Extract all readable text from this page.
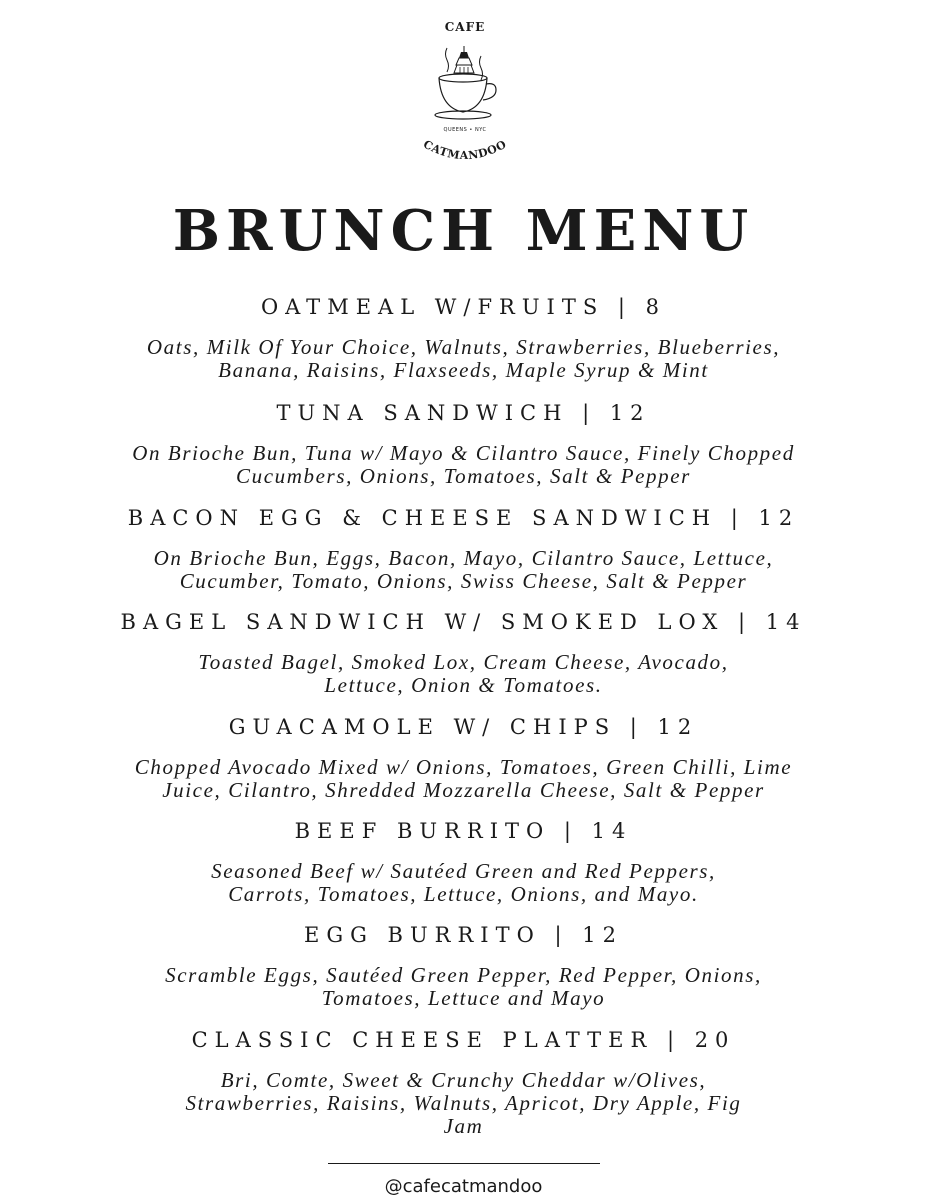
CAFE
QUEENS • NYC
CATMANDOO
BRUNCH MENU
OATMEAL W/FRUITS | 8
Oats, Milk Of Your Choice, Walnuts, Strawberries, Blueberries,
Banana, Raisins, Flaxseeds, Maple Syrup & Mint
TUNA SANDWICH | 12
On Brioche Bun, Tuna w/ Mayo & Cilantro Sauce, Finely Chopped
Cucumbers, Onions, Tomatoes, Salt & Pepper
BACON EGG & CHEESE SANDWICH | 12
On Brioche Bun, Eggs, Bacon, Mayo, Cilantro Sauce, Lettuce,
Cucumber, Tomato, Onions, Swiss Cheese, Salt & Pepper
BAGEL SANDWICH W/ SMOKED LOX | 14
Toasted Bagel, Smoked Lox, Cream Cheese, Avocado,
Lettuce, Onion & Tomatoes.
GUACAMOLE W/ CHIPS | 12
Chopped Avocado Mixed w/ Onions, Tomatoes, Green Chilli, Lime
Juice, Cilantro, Shredded Mozzarella Cheese, Salt & Pepper
BEEF BURRITO | 14
Seasoned Beef w/ Sautéed Green and Red Peppers,
Carrots, Tomatoes, Lettuce, Onions, and Mayo.
EGG BURRITO | 12
Scramble Eggs, Sautéed Green Pepper, Red Pepper, Onions,
Tomatoes, Lettuce and Mayo
CLASSIC CHEESE PLATTER | 20
Bri, Comte, Sweet & Crunchy Cheddar w/Olives,
Strawberries, Raisins, Walnuts, Apricot, Dry Apple, Fig
Jam
@cafecatmandoo
